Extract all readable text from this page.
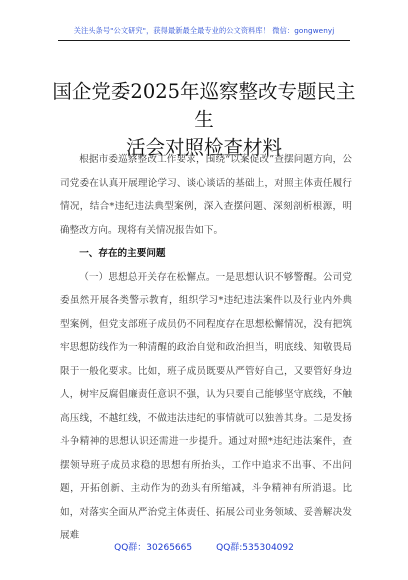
关注头条号"公文研究"，获得最新最全最专业的公文资料库！ 微信：gongwenyj
国企党委2025年巡察整改专题民主生
活会对照检查材料

根据市委巡察整改工作要求，围绕“以案促改”查摆问题方向，公司党委在认真开展理论学习、谈心谈话的基础上，对照主体责任履行情况，结合*违纪违法典型案例，深入查摆问题、深刻剖析根源，明确整改方向。现将有关情况报告如下。

一、存在的主要问题

（一）思想总开关存在松懈点。一是思想认识不够警醒。公司党委虽然开展各类警示教育，组织学习*违纪违法案件以及行业内外典型案例，但党支部班子成员仍不同程度存在思想松懈情况，没有把筑牢思想防线作为一种清醒的政治自觉和政治担当，明底线、知敬畏局限于一般化要求。比如，班子成员既要从严管好自己，又要管好身边人，树牢反腐倡廉责任意识不强，认为只要自己能够坚守底线，不触高压线，不越红线，不做违法违纪的事情就可以独善其身。二是发扬斗争精神的思想认识还需进一步提升。通过对照*违纪违法案件，查摆领导班子成员求稳的思想有所抬头，工作中追求不出事、不出问题，开拓创新、主动作为的劲头有所缩减，斗争精神有所消退。比如，对落实全面从严治党主体责任、拓展公司业务领域、妥善解决发展难

QQ群：30265665	QQ群:535304092
